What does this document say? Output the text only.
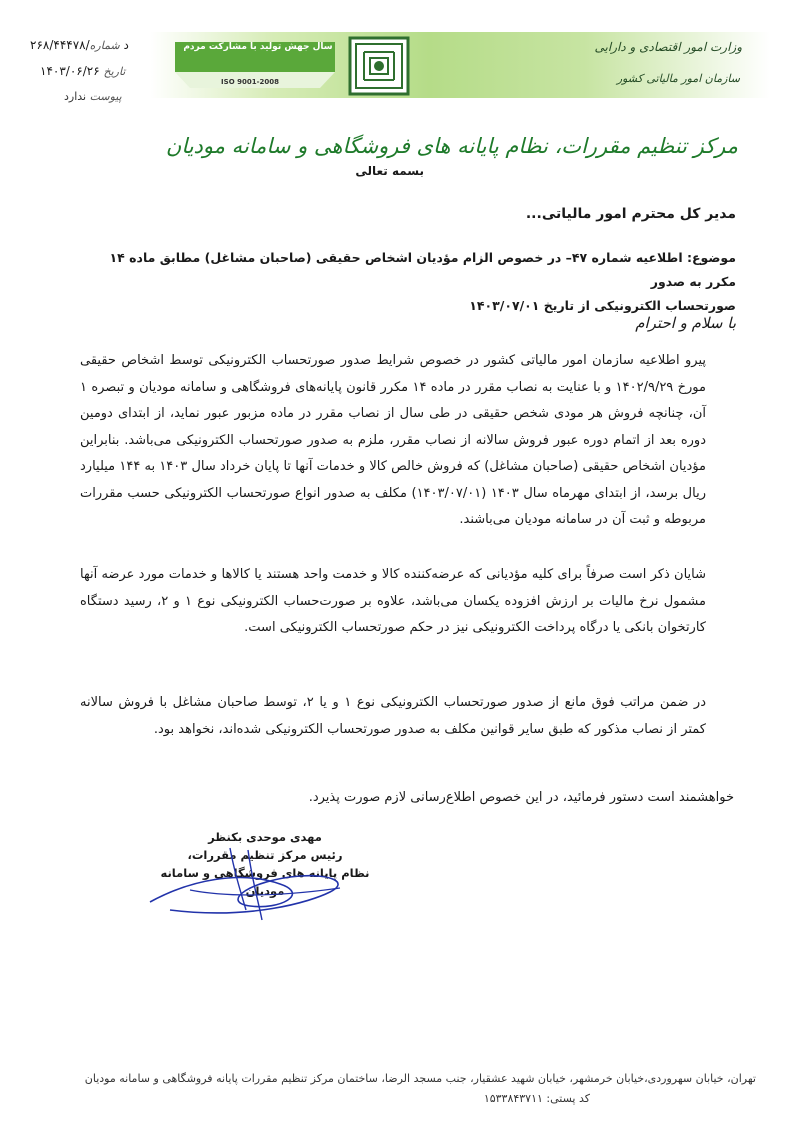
سال جهش تولید با مشارکت مردم
ISO 9001-2008
وزارت امور اقتصادی و دارایی
سازمان امور مالیاتی کشور
۲۶۸/۴۴۴۷۸/د شماره
۱۴۰۳/۰۶/۲۶ تاریخ
پیوست ندارد
مرکز تنظیم مقررات، نظام پایانه های فروشگاهی و سامانه مودیان
بسمه تعالی
مدیر کل محترم امور مالیاتی...
موضوع: اطلاعیه شماره ۴۷– در خصوص الزام مؤدیان اشخاص حقیقی (صاحبان مشاغل) مطابق ماده ۱۴ مکرر به صدور
صورتحساب الکترونیکی از تاریخ ۱۴۰۳/۰۷/۰۱
با سلام و احترام
پیرو اطلاعیه سازمان امور مالیاتی کشور در خصوص شرایط صدور صورتحساب الکترونیکی توسط اشخاص حقیقی مورخ ۱۴۰۲/۹/۲۹ و با عنایت به نصاب مقرر در ماده ۱۴ مکرر قانون پایانه‌های فروشگاهی و سامانه مودیان و تبصره ۱ آن، چنانچه فروش هر مودی شخص حقیقی در طی سال از نصاب مقرر در ماده مزبور عبور نماید، از ابتدای دومین دوره بعد از اتمام دوره عبور فروش سالانه از نصاب مقرر، ملزم به صدور صورتحساب الکترونیکی می‌باشد. بنابراین مؤدیان اشخاص حقیقی (صاحبان مشاغل) که فروش خالص کالا و خدمات آنها تا پایان خرداد سال ۱۴۰۳ به ۱۴۴ میلیارد ریال برسد، از ابتدای مهرماه سال ۱۴۰۳ (۱۴۰۳/۰۷/۰۱) مکلف به صدور انواع صورتحساب الکترونیکی حسب مقررات مربوطه و ثبت آن در سامانه مودیان می‌باشند.
شایان ذکر است صرفاً برای کلیه مؤدیانی که عرضه‌کننده کالا و خدمت واحد هستند یا کالاها و خدمات مورد عرضه آنها مشمول نرخ مالیات بر ارزش افزوده یکسان می‌باشد، علاوه بر صورت‌حساب الکترونیکی نوع ۱ و ۲، رسید دستگاه کارتخوان بانکی یا درگاه پرداخت الکترونیکی نیز در حکم صورتحساب الکترونیکی است.
در ضمن مراتب فوق مانع از صدور صورتحساب الکترونیکی نوع ۱ و یا ۲، توسط صاحبان مشاغل با فروش سالانه کمتر از نصاب مذکور که طبق سایر قوانین مکلف به صدور صورتحساب الکترونیکی شده‌اند، نخواهد بود.
خواهشمند است دستور فرمائید، در این خصوص اطلاع‌رسانی لازم صورت پذیرد.
مهدی موحدی بکنظر
رئیس مرکز تنظیم مقررات،
نظام پایانه های فروشگاهی و سامانه مودیان
تهران، خیابان سهروردی،خیابان خرمشهر، خیابان شهید عشقیار، جنب مسجد الرضا، ساختمان مرکز تنظیم مقررات پایانه فروشگاهی و سامانه مودیان
کد پستی: ۱۵۳۳۸۴۳۷۱۱
